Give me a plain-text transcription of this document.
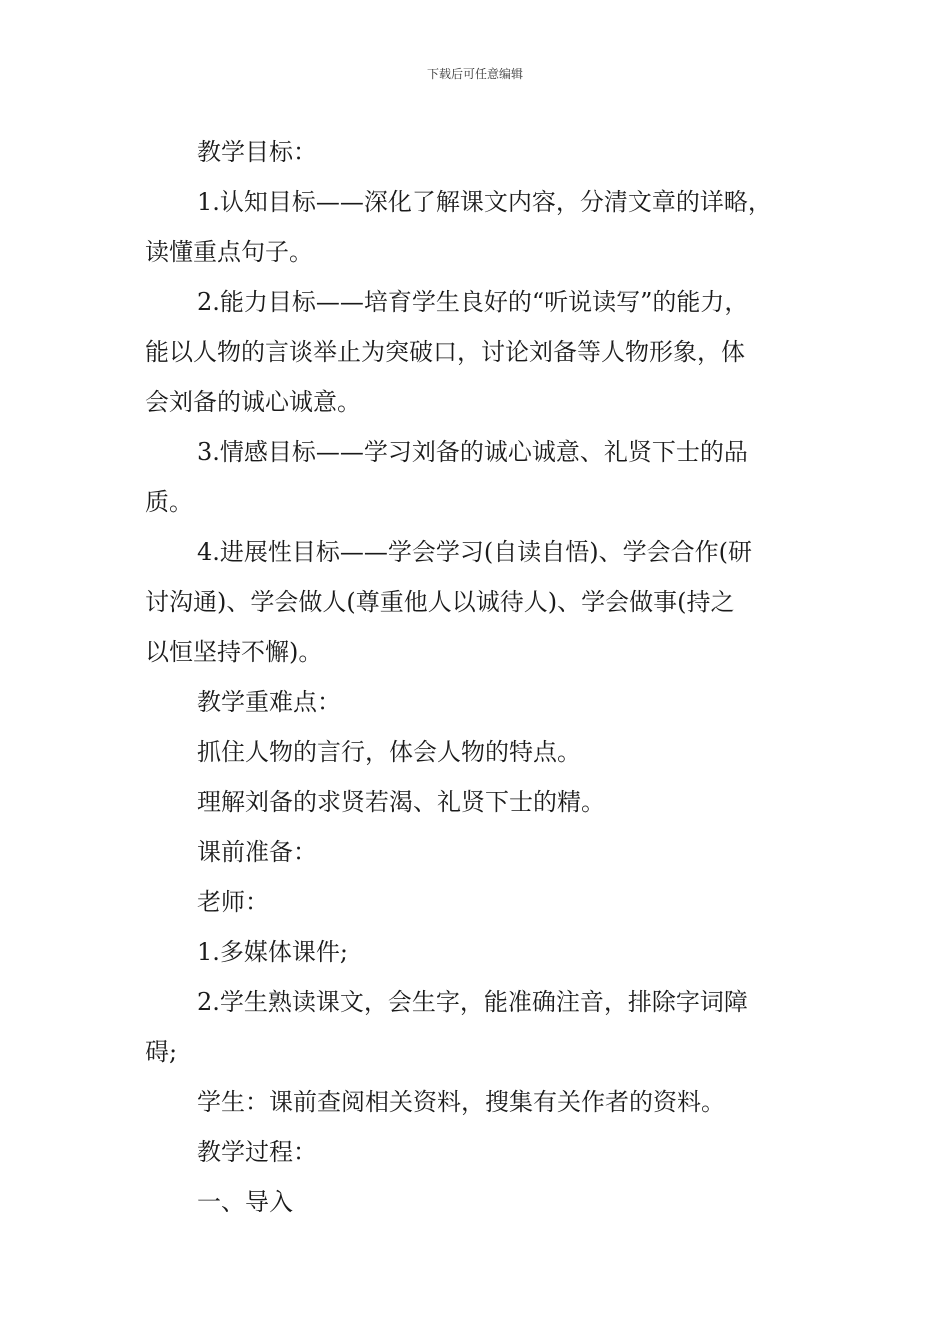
下载后可任意编辑

教学目标：

1.认知目标——深化了解课文内容，分清文章的详略，
读懂重点句子。

2.能力目标——培育学生良好的“听说读写”的能力，
能以人物的言谈举止为突破口，讨论刘备等人物形象，体
会刘备的诚心诚意。

3.情感目标——学习刘备的诚心诚意、礼贤下士的品
质。

4.进展性目标——学会学习(自读自悟)、学会合作(研
讨沟通)、学会做人(尊重他人以诚待人)、学会做事(持之
以恒坚持不懈)。

教学重难点：

抓住人物的言行，体会人物的特点。

理解刘备的求贤若渴、礼贤下士的精。

课前准备：

老师：

1.多媒体课件;

2.学生熟读课文，会生字，能准确注音，排除字词障
碍;

学生：课前查阅相关资料，搜集有关作者的资料。

教学过程：

一、导入
